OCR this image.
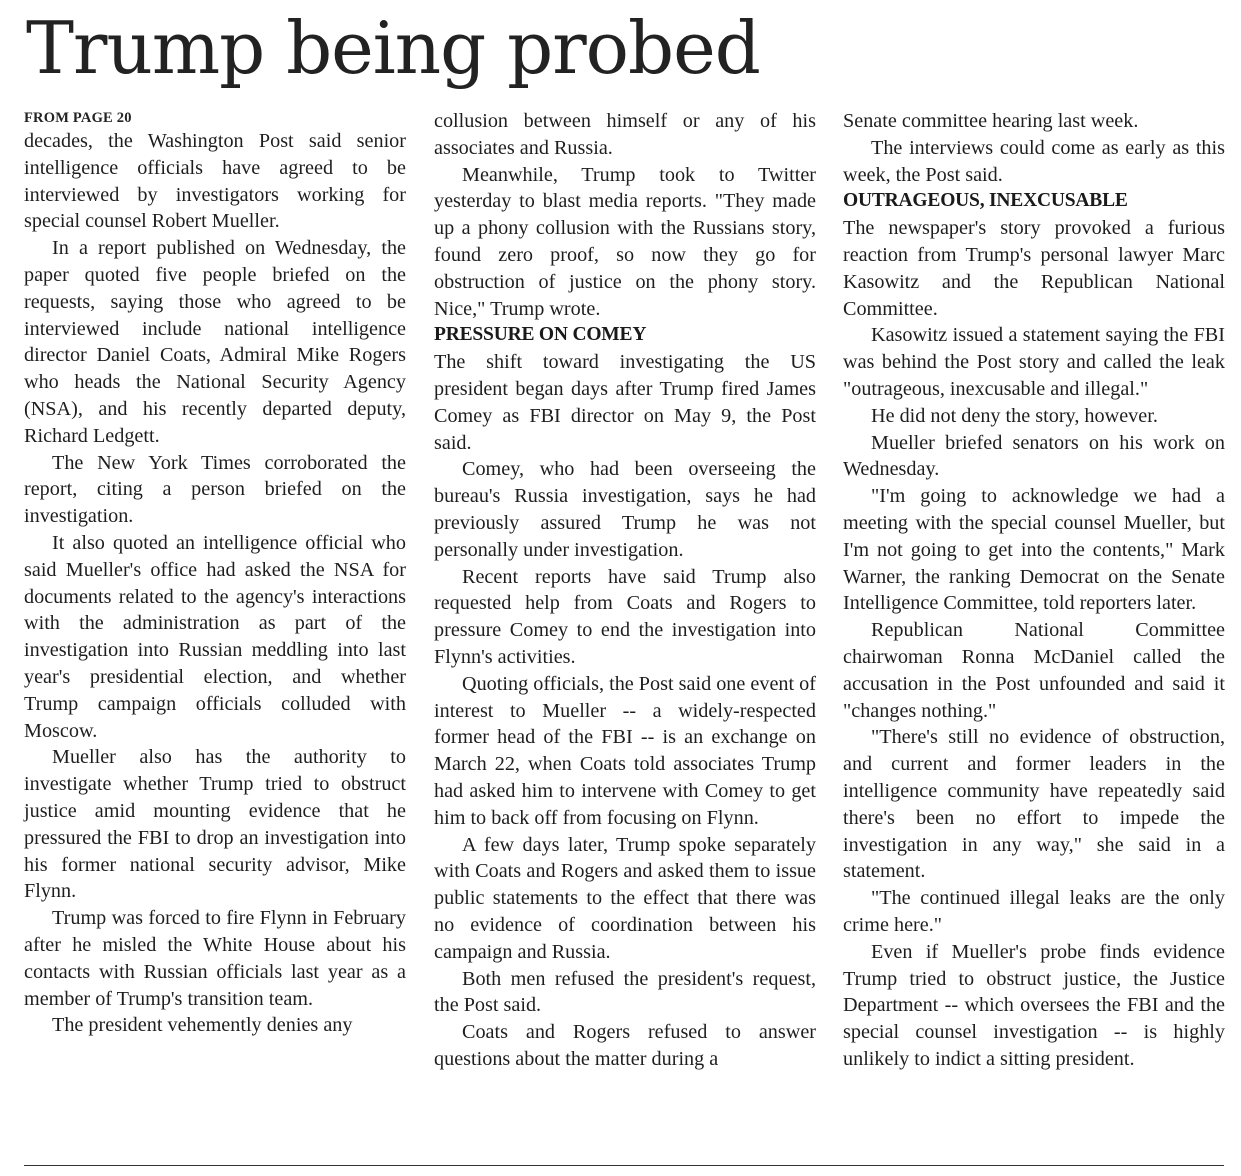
Trump being probed

FROM PAGE 20

decades, the Washington Post said senior intelligence officials have agreed to be interviewed by investigators working for special counsel Robert Mueller.

In a report published on Wednesday, the paper quoted five people briefed on the requests, saying those who agreed to be interviewed include national intelligence director Daniel Coats, Admiral Mike Rogers who heads the National Security Agency (NSA), and his recently departed deputy, Richard Ledgett.

The New York Times corroborated the report, citing a person briefed on the investigation.

It also quoted an intelligence official who said Mueller's office had asked the NSA for documents related to the agency's interactions with the administration as part of the investigation into Russian meddling into last year's presidential election, and whether Trump campaign officials colluded with Moscow.

Mueller also has the authority to investigate whether Trump tried to obstruct justice amid mounting evidence that he pressured the FBI to drop an investigation into his former national security advisor, Mike Flynn.

Trump was forced to fire Flynn in February after he misled the White House about his contacts with Russian officials last year as a member of Trump's transition team.

The president vehemently denies any

collusion between himself or any of his associates and Russia.

Meanwhile, Trump took to Twitter yesterday to blast media reports. "They made up a phony collusion with the Russians story, found zero proof, so now they go for obstruction of justice on the phony story. Nice," Trump wrote.

PRESSURE ON COMEY

The shift toward investigating the US president began days after Trump fired James Comey as FBI director on May 9, the Post said.

Comey, who had been overseeing the bureau's Russia investigation, says he had previously assured Trump he was not personally under investigation.

Recent reports have said Trump also requested help from Coats and Rogers to pressure Comey to end the investigation into Flynn's activities.

Quoting officials, the Post said one event of interest to Mueller -- a widely-respected former head of the FBI -- is an exchange on March 22, when Coats told associates Trump had asked him to intervene with Comey to get him to back off from focusing on Flynn.

A few days later, Trump spoke separately with Coats and Rogers and asked them to issue public statements to the effect that there was no evidence of coordination between his campaign and Russia.

Both men refused the president's request, the Post said.

Coats and Rogers refused to answer questions about the matter during a

Senate committee hearing last week.

The interviews could come as early as this week, the Post said.

OUTRAGEOUS, INEXCUSABLE

The newspaper's story provoked a furious reaction from Trump's personal lawyer Marc Kasowitz and the Republican National Committee.

Kasowitz issued a statement saying the FBI was behind the Post story and called the leak "outrageous, inexcusable and illegal."

He did not deny the story, however.

Mueller briefed senators on his work on Wednesday.

"I'm going to acknowledge we had a meeting with the special counsel Mueller, but I'm not going to get into the contents," Mark Warner, the ranking Democrat on the Senate Intelligence Committee, told reporters later.

Republican National Committee chairwoman Ronna McDaniel called the accusation in the Post unfounded and said it "changes nothing."

"There's still no evidence of obstruction, and current and former leaders in the intelligence community have repeatedly said there's been no effort to impede the investigation in any way," she said in a statement.

"The continued illegal leaks are the only crime here."

Even if Mueller's probe finds evidence Trump tried to obstruct justice, the Justice Department -- which oversees the FBI and the special counsel investigation -- is highly unlikely to indict a sitting president.
